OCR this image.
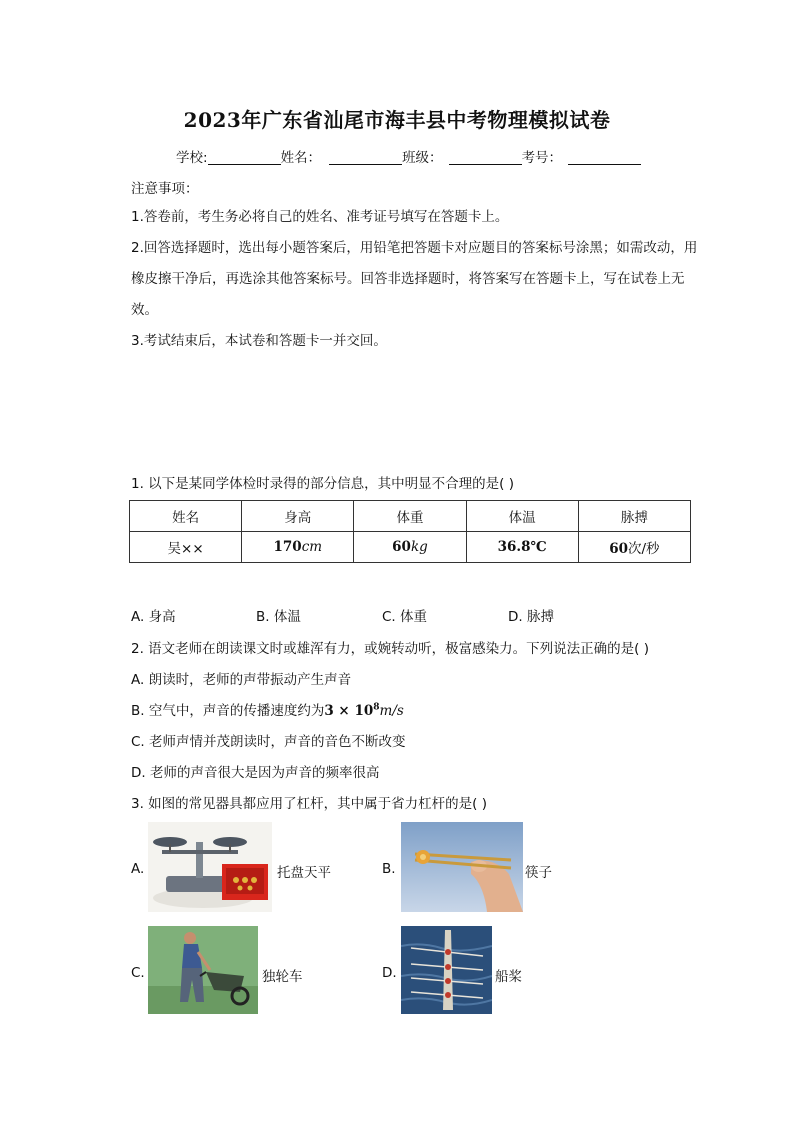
2023年广东省汕尾市海丰县中考物理模拟试卷
学校:	姓名：	班级：	考号：
注意事项：
1.答卷前，考生务必将自己的姓名、准考证号填写在答题卡上。
2.回答选择题时，选出每小题答案后，用铅笔把答题卡对应题目的答案标号涂黑；如需改动，用橡皮擦干净后，再选涂其他答案标号。回答非选择题时，将答案写在答题卡上，写在试卷上无效。
3.考试结束后，本试卷和答题卡一并交回。
1. 以下是某同学体检时录得的部分信息，其中明显不合理的是( )
姓名	身高	体重	体温	脉搏
吴××	170cm	60kg	36.8℃	60次/秒
A. 身高	B. 体温	C. 体重	D. 脉搏
2. 语文老师在朗读课文时或雄浑有力，或婉转动听，极富感染力。下列说法正确的是( )
A. 朗读时，老师的声带振动产生声音
B. 空气中，声音的传播速度约为$3 \times 10^8m/s$
C. 老师声情并茂朗读时，声音的音色不断改变
D. 老师的声音很大是因为声音的频率很高
3. 如图的常见器具都应用了杠杆，其中属于省力杠杆的是( )
A.	托盘天平	B.	筷子
C.	独轮车	D.	船桨
